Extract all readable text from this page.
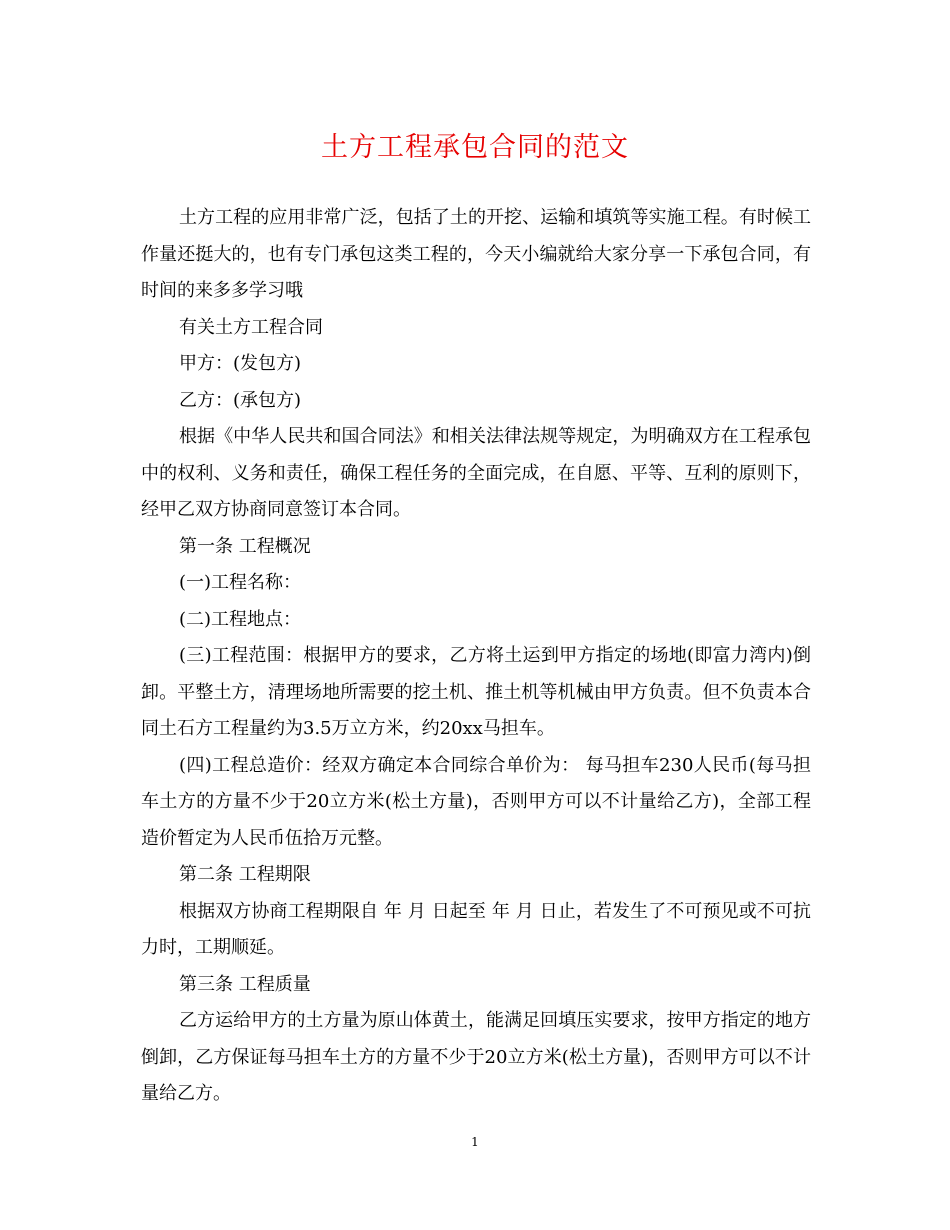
土方工程承包合同的范文

土方工程的应用非常广泛，包括了土的开挖、运输和填筑等实施工程。有时候工作量还挺大的，也有专门承包这类工程的，今天小编就给大家分享一下承包合同，有时间的来多多学习哦

有关土方工程合同

甲方：(发包方)

乙方：(承包方)

根据《中华人民共和国合同法》和相关法律法规等规定，为明确双方在工程承包中的权利、义务和责任，确保工程任务的全面完成，在自愿、平等、互利的原则下，经甲乙双方协商同意签订本合同。

第一条 工程概况

(一)工程名称：

(二)工程地点：

(三)工程范围：根据甲方的要求，乙方将土运到甲方指定的场地(即富力湾内)倒卸。平整土方，清理场地所需要的挖土机、推土机等机械由甲方负责。但不负责本合同土石方工程量约为3.5万立方米，约20xx马担车。

(四)工程总造价：经双方确定本合同综合单价为： 每马担车230人民币(每马担车土方的方量不少于20立方米(松土方量)，否则甲方可以不计量给乙方)，全部工程造价暂定为人民币伍拾万元整。

第二条 工程期限

根据双方协商工程期限自 年 月 日起至 年 月 日止，若发生了不可预见或不可抗力时，工期顺延。

第三条 工程质量

乙方运给甲方的土方量为原山体黄土，能满足回填压实要求，按甲方指定的地方倒卸，乙方保证每马担车土方的方量不少于20立方米(松土方量)，否则甲方可以不计量给乙方。

1
